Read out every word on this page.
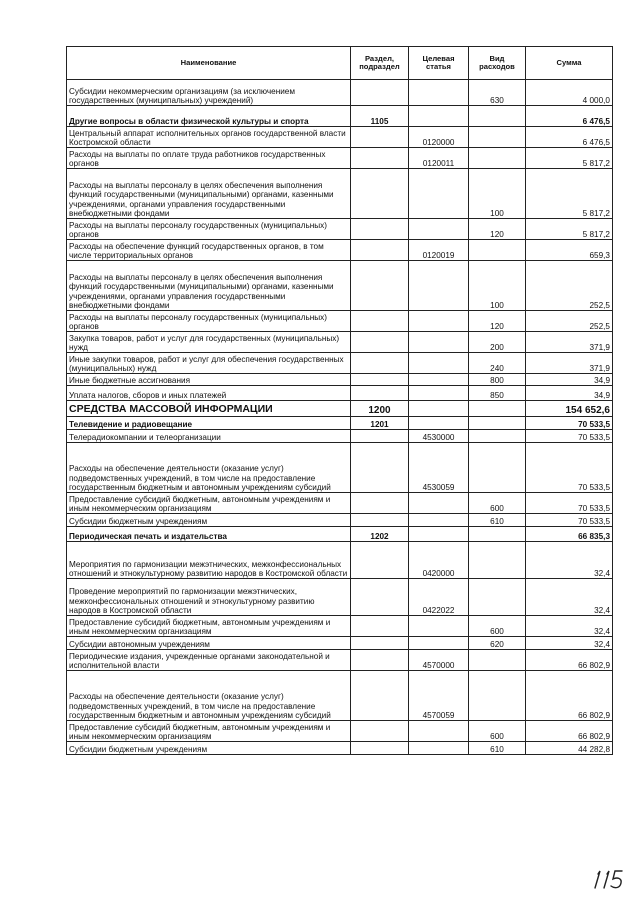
Наименование	Раздел, подраздел	Целевая статья	Вид расходов	Сумма
Субсидии некоммерческим организациям (за исключением государственных (муниципальных) учреждений)			630	4 000,0
Другие вопросы в области физической культуры и спорта	1105			6 476,5
Центральный аппарат исполнительных органов государственной власти Костромской области		0120000		6 476,5
Расходы на выплаты по оплате труда работников государственных органов		0120011		5 817,2
Расходы на выплаты персоналу в целях обеспечения выполнения функций государственными (муниципальными) органами, казенными учреждениями, органами управления государственными внебюджетными фондами			100	5 817,2
Расходы на выплаты персоналу государственных (муниципальных) органов			120	5 817,2
Расходы на обеспечение функций государственных органов, в том числе территориальных органов		0120019		659,3
Расходы на выплаты персоналу в целях обеспечения выполнения функций государственными (муниципальными) органами, казенными учреждениями, органами управления государственными внебюджетными фондами			100	252,5
Расходы на выплаты персоналу государственных (муниципальных) органов			120	252,5
Закупка товаров, работ и услуг для государственных (муниципальных) нужд			200	371,9
Иные закупки товаров, работ и услуг для обеспечения государственных (муниципальных) нужд			240	371,9
Иные бюджетные ассигнования			800	34,9
Уплата налогов, сборов и иных платежей			850	34,9
СРЕДСТВА МАССОВОЙ ИНФОРМАЦИИ	1200			154 652,6
Телевидение и радиовещание	1201			70 533,5
Телерадиокомпании и телеорганизации		4530000		70 533,5
Расходы на обеспечение деятельности (оказание услуг) подведомственных учреждений, в том числе на предоставление государственным бюджетным и автономным учреждениям субсидий		4530059		70 533,5
Предоставление субсидий бюджетным, автономным учреждениям и иным некоммерческим организациям			600	70 533,5
Субсидии бюджетным учреждениям			610	70 533,5
Периодическая печать и издательства	1202			66 835,3
Мероприятия по гармонизации межэтнических, межконфессиональных отношений и этнокультурному развитию народов в Костромской области		0420000		32,4
Проведение мероприятий по гармонизации межэтнических, межконфессиональных отношений и этнокультурному развитию народов в Костромской области		0422022		32,4
Предоставление субсидий бюджетным, автономным учреждениям и иным некоммерческим организациям			600	32,4
Субсидии автономным учреждениям			620	32,4
Периодические издания, учрежденные органами законодательной и исполнительной власти		4570000		66 802,9
Расходы на обеспечение деятельности (оказание услуг) подведомственных учреждений, в том числе на предоставление государственным бюджетным и автономным учреждениям субсидий		4570059		66 802,9
Предоставление субсидий бюджетным, автономным учреждениям и иным некоммерческим организациям			600	66 802,9
Субсидии бюджетным учреждениям			610	44 282,8
